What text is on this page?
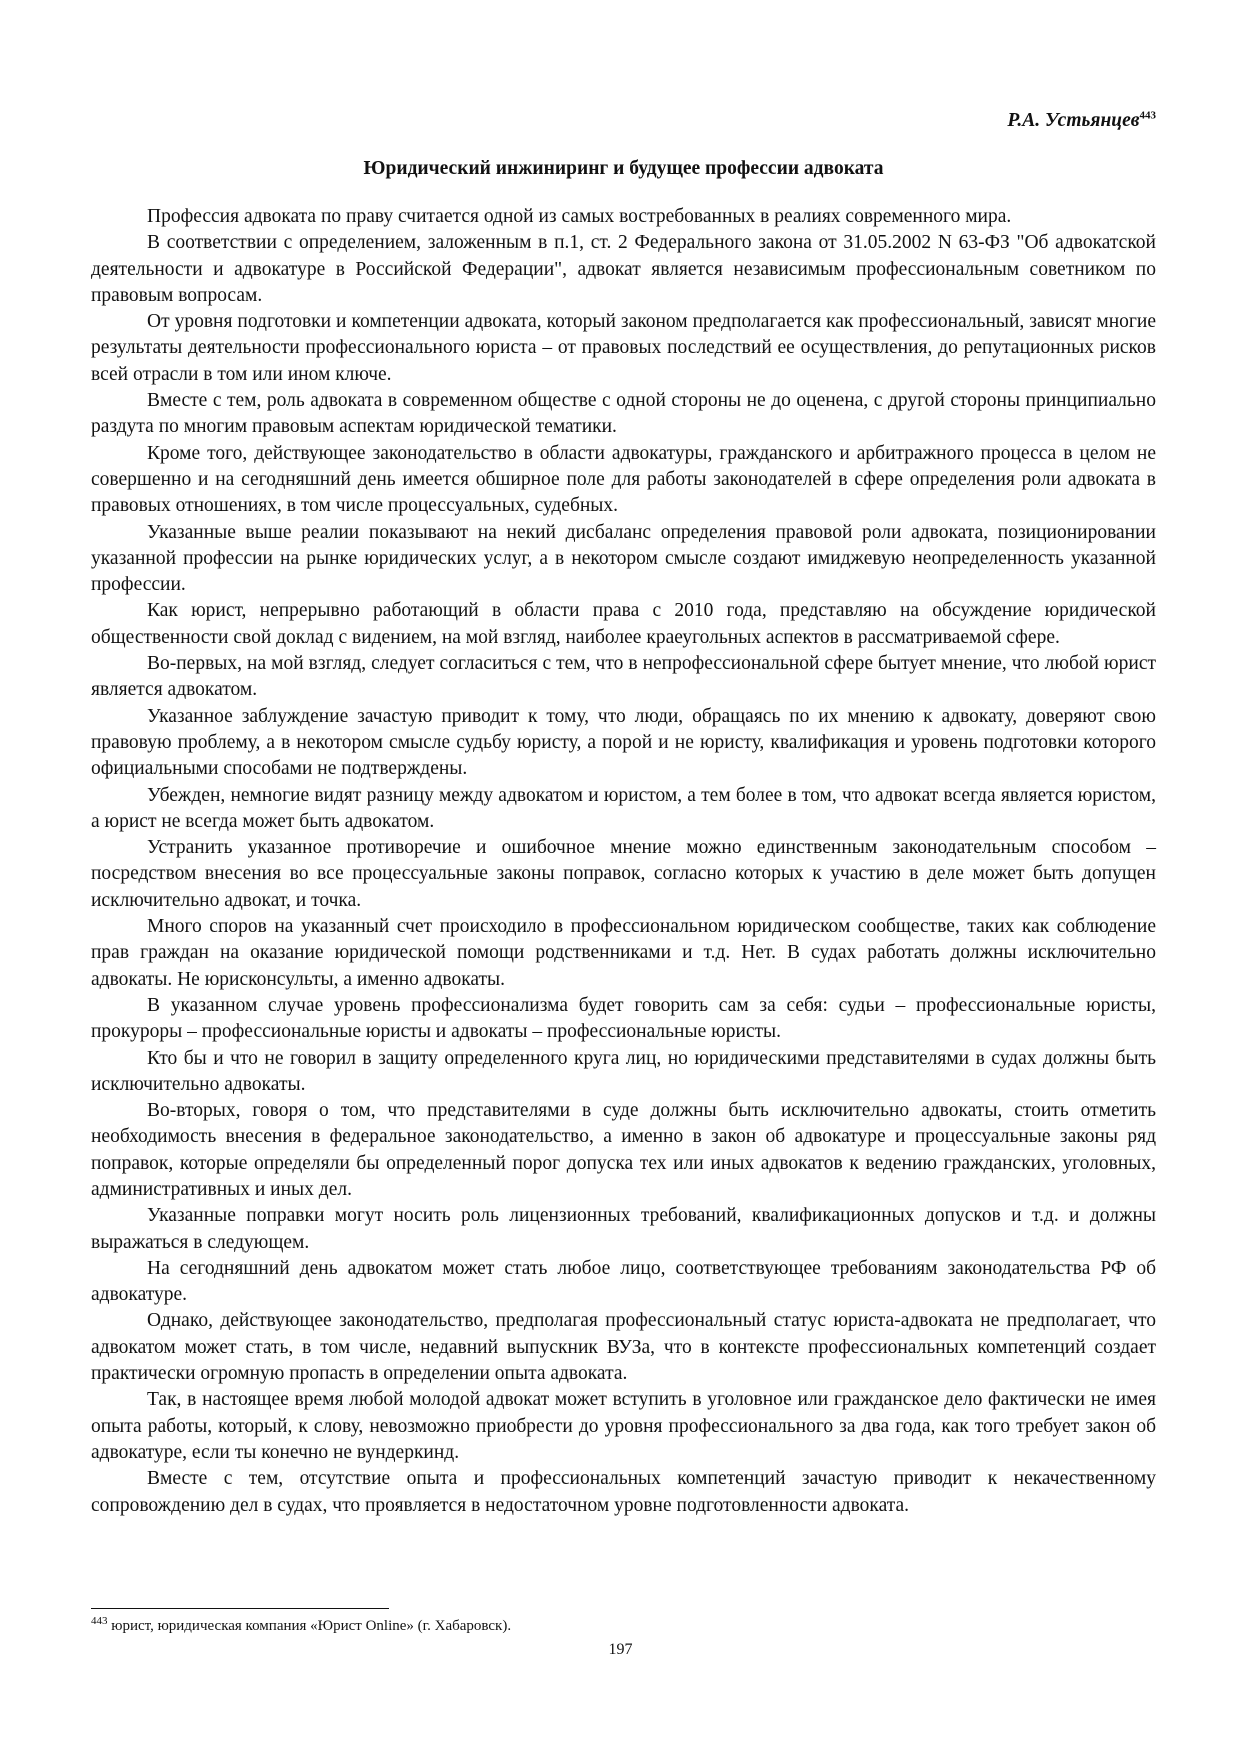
Р.А. Устьянцев$^{443}$

Юридический инжиниринг и будущее профессии адвоката

Профессия адвоката по праву считается одной из самых востребованных в реалиях современного мира.

В соответствии с определением, заложенным в п.1, ст. 2 Федерального закона от 31.05.2002 N 63-ФЗ "Об адвокатской деятельности и адвокатуре в Российской Федерации", адвокат является независимым профессиональным советником по правовым вопросам.

От уровня подготовки и компетенции адвоката, который законом предполагается как профессиональный, зависят многие результаты деятельности профессионального юриста – от правовых последствий ее осуществления, до репутационных рисков всей отрасли в том или ином ключе.

Вместе с тем, роль адвоката в современном обществе с одной стороны не до оценена, с другой стороны принципиально раздута по многим правовым аспектам юридической тематики.

Кроме того, действующее законодательство в области адвокатуры, гражданского и арбитражного процесса в целом не совершенно и на сегодняшний день имеется обширное поле для работы законодателей в сфере определения роли адвоката в правовых отношениях, в том числе процессуальных, судебных.

Указанные выше реалии показывают на некий дисбаланс определения правовой роли адвоката, позиционировании указанной профессии на рынке юридических услуг, а в некотором смысле создают имиджевую неопределенность указанной профессии.

Как юрист, непрерывно работающий в области права с 2010 года, представляю на обсуждение юридической общественности свой доклад с видением, на мой взгляд, наиболее краеугольных аспектов в рассматриваемой сфере.

Во-первых, на мой взгляд, следует согласиться с тем, что в непрофессиональной сфере бытует мнение, что любой юрист является адвокатом.

Указанное заблуждение зачастую приводит к тому, что люди, обращаясь по их мнению к адвокату, доверяют свою правовую проблему, а в некотором смысле судьбу юристу, а порой и не юристу, квалификация и уровень подготовки которого официальными способами не подтверждены.

Убежден, немногие видят разницу между адвокатом и юристом, а тем более в том, что адвокат всегда является юристом, а юрист не всегда может быть адвокатом.

Устранить указанное противоречие и ошибочное мнение можно единственным законодательным способом – посредством внесения во все процессуальные законы поправок, согласно которых к участию в деле может быть допущен исключительно адвокат, и точка.

Много споров на указанный счет происходило в профессиональном юридическом сообществе, таких как соблюдение прав граждан на оказание юридической помощи родственниками и т.д. Нет. В судах работать должны исключительно адвокаты. Не юрисконсульты, а именно адвокаты.

В указанном случае уровень профессионализма будет говорить сам за себя: судьи – профессиональные юристы, прокуроры – профессиональные юристы и адвокаты – профессиональные юристы.

Кто бы и что не говорил в защиту определенного круга лиц, но юридическими представителями в судах должны быть исключительно адвокаты.

Во-вторых, говоря о том, что представителями в суде должны быть исключительно адвокаты, стоить отметить необходимость внесения в федеральное законодательство, а именно в закон об адвокатуре и процессуальные законы ряд поправок, которые определяли бы определенный порог допуска тех или иных адвокатов к ведению гражданских, уголовных, административных и иных дел.

Указанные поправки могут носить роль лицензионных требований, квалификационных допусков и т.д. и должны выражаться в следующем.

На сегодняшний день адвокатом может стать любое лицо, соответствующее требованиям законодательства РФ об адвокатуре.

Однако, действующее законодательство, предполагая профессиональный статус юриста-адвоката не предполагает, что адвокатом может стать, в том числе, недавний выпускник ВУЗа, что в контексте профессиональных компетенций создает практически огромную пропасть в определении опыта адвоката.

Так, в настоящее время любой молодой адвокат может вступить в уголовное или гражданское дело фактически не имея опыта работы, который, к слову, невозможно приобрести до уровня профессионального за два года, как того требует закон об адвокатуре, если ты конечно не вундеркинд.

Вместе с тем, отсутствие опыта и профессиональных компетенций зачастую приводит к некачественному сопровождению дел в судах, что проявляется в недостаточном уровне подготовленности адвоката.

$^{443}$ юрист, юридическая компания «Юрист Online» (г. Хабаровск).

197
